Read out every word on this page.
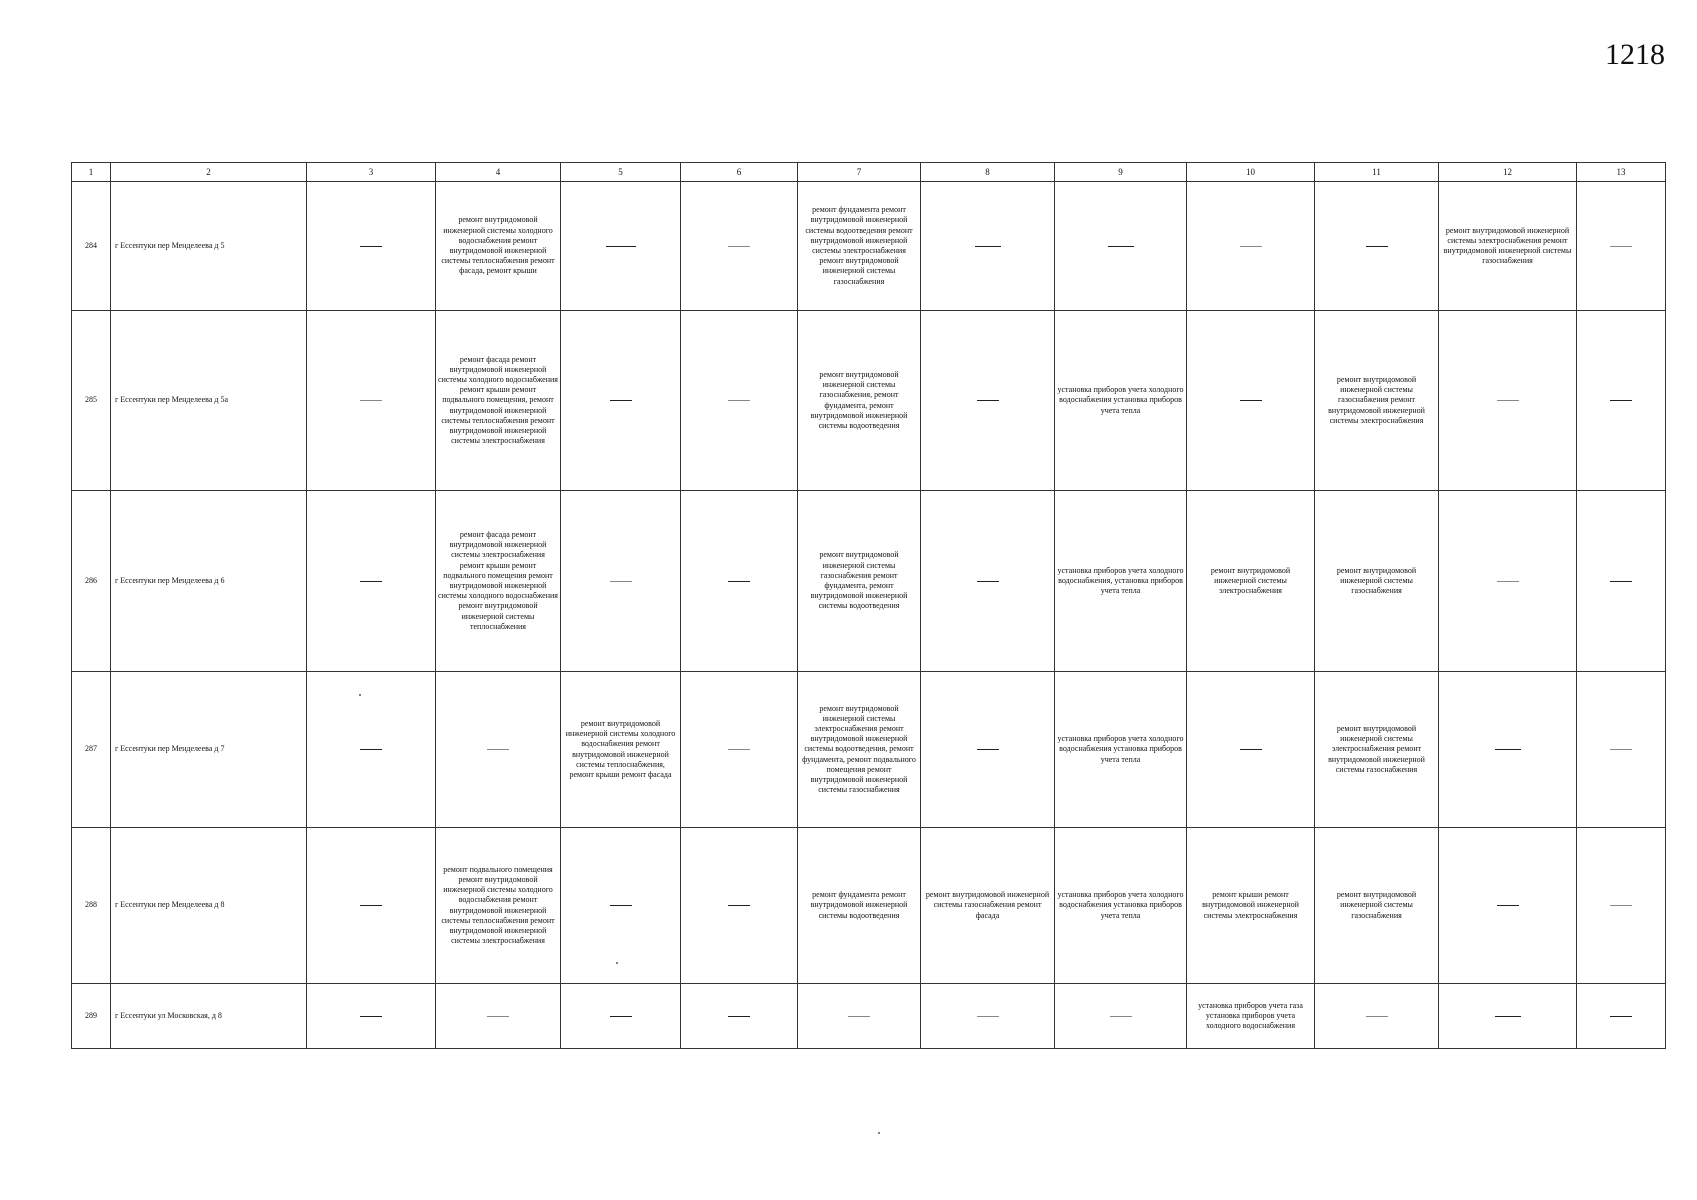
1218
1	2	3	4	5	6	7	8	9	10	11	12	13
284	г Ессентуки пер Менделеева д 5		ремонт внутридомовой инженерной системы холодного водоснабжения ремонт внутридомовой инженерной системы теплоснабжения ремонт фасада, ремонт крыши			ремонт фундамента ремонт внутридомовой инженерной системы водоотведения ремонт внутридомовой инженерной системы электроснабжения ремонт внутридомовой инженерной системы газоснабжения					ремонт внутридомовой инженерной системы электроснабжения ремонт внутридомовой инженерной системы газоснабжения	
285	г Ессентуки пер Менделеева д 5а		ремонт фасада ремонт внутридомовой инженерной системы холодного водоснабжения ремонт крыши ремонт подвального помещения, ремонт внутридомовой инженерной системы теплоснабжения ремонт внутридомовой инженерной системы электроснабжения			ремонт внутридомовой инженерной системы газоснабжения, ремонт фундамента, ремонт внутридомовой инженерной системы водоотведения		установка приборов учета холодного водоснабжения установка приборов учета тепла		ремонт внутридомовой инженерной системы газоснабжения ремонт внутридомовой инженерной системы электроснабжения		
286	г Ессентуки пер Менделеева д 6		ремонт фасада ремонт внутридомовой инженерной системы электроснабжения ремонт крыши ремонт подвального помещения ремонт внутридомовой инженерной системы холодного водоснабжения ремонт внутридомовой инженерной системы теплоснабжения			ремонт внутридомовой инженерной системы газоснабжения ремонт фундамента, ремонт внутридомовой инженерной системы водоотведения		установка приборов учета холодного водоснабжения, установка приборов учета тепла	ремонт внутридомовой инженерной системы электроснабжения	ремонт внутридомовой инженерной системы газоснабжения		
287	г Ессентуки пер Менделеева д 7			ремонт внутридомовой инженерной системы холодного водоснабжения ремонт внутридомовой инженерной системы теплоснабжения, ремонт крыши ремонт фасада		ремонт внутридомовой инженерной системы электроснабжения ремонт внутридомовой инженерной системы водоотведения, ремонт фундамента, ремонт подвального помещения ремонт внутридомовой инженерной системы газоснабжения		установка приборов учета холодного водоснабжения установка приборов учета тепла		ремонт внутридомовой инженерной системы электроснабжения ремонт внутридомовой инженерной системы газоснабжения		
288	г Ессентуки пер Менделеева д 8		ремонт подвального помещения ремонт внутридомовой инженерной системы холодного водоснабжения ремонт внутридомовой инженерной системы теплоснабжения ремонт внутридомовой инженерной системы электроснабжения			ремонт фундамента ремонт внутридомовой инженерной системы водоотведения	ремонт внутридомовой инженерной системы газоснабжения ремонт фасада	установка приборов учета холодного водоснабжения установка приборов учета тепла	ремонт крыши ремонт внутридомовой инженерной системы электроснабжения	ремонт внутридомовой инженерной системы газоснабжения		
289	г Ессентуки ул Московская, д 8								установка приборов учета газа установка приборов учета холодного водоснабжения			
